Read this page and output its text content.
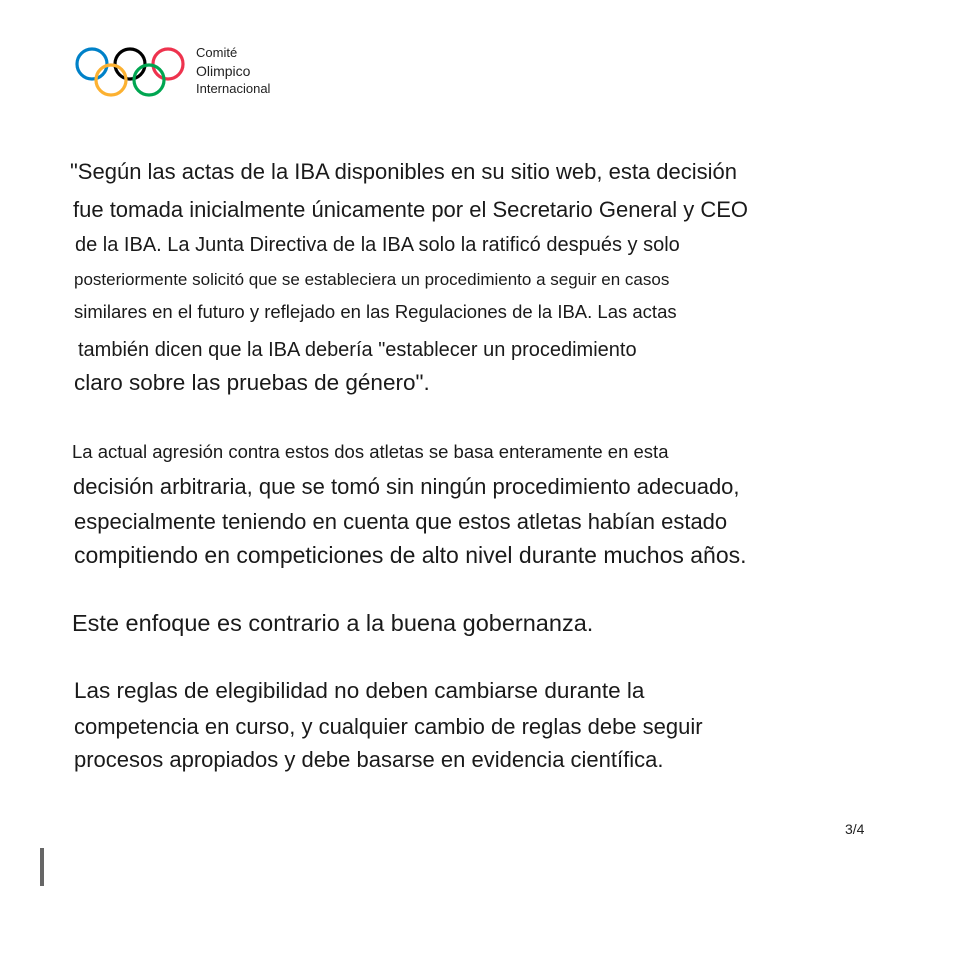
Comité
Olimpico
Internacional
"Según las actas de la IBA disponibles en su sitio web, esta decisión
fue tomada inicialmente únicamente por el Secretario General y CEO
de la IBA. La Junta Directiva de la IBA solo la ratificó después y solo
posteriormente solicitó que se estableciera un procedimiento a seguir en casos
similares en el futuro y reflejado en las Regulaciones de la IBA. Las actas
también dicen que la IBA debería "establecer un procedimiento
claro sobre las pruebas de género".
La actual agresión contra estos dos atletas se basa enteramente en esta
decisión arbitraria, que se tomó sin ningún procedimiento adecuado,
especialmente teniendo en cuenta que estos atletas habían estado
compitiendo en competiciones de alto nivel durante muchos años.
Este enfoque es contrario a la buena gobernanza.
Las reglas de elegibilidad no deben cambiarse durante la
competencia en curso, y cualquier cambio de reglas debe seguir
procesos apropiados y debe basarse en evidencia científica.
3/4
